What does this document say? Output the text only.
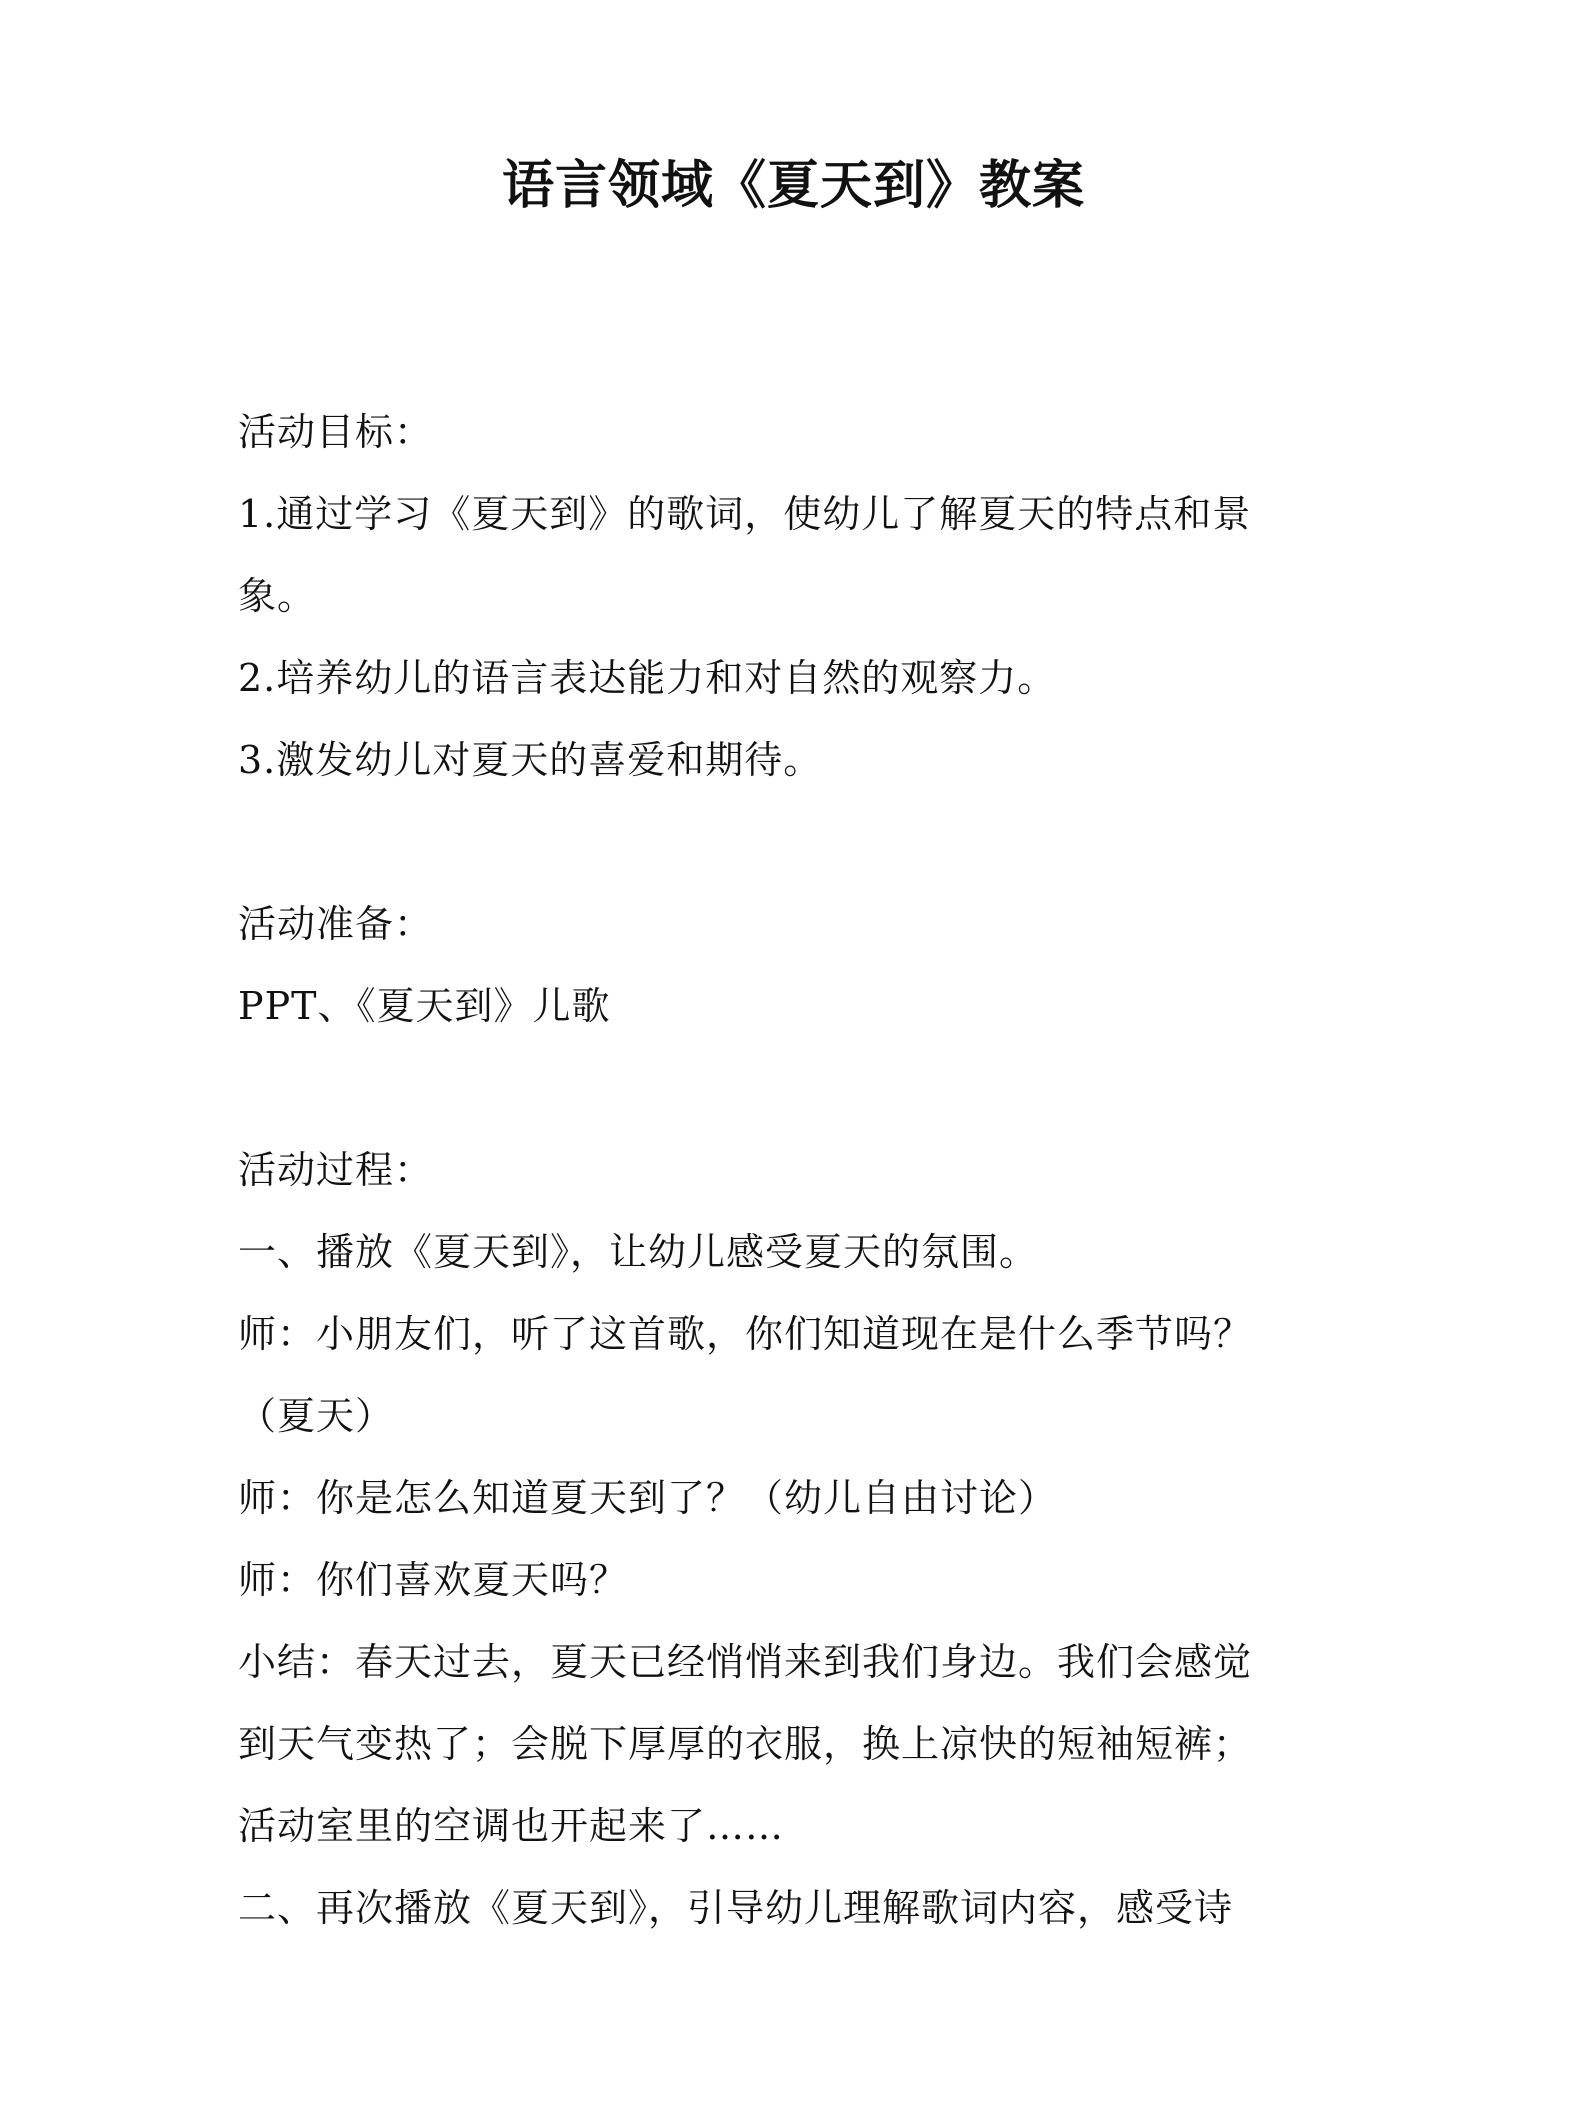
语言领域《夏天到》教案
活动目标：
1.通过学习《夏天到》的歌词，使幼儿了解夏天的特点和景
象。
2.培养幼儿的语言表达能力和对自然的观察力。
3.激发幼儿对夏天的喜爱和期待。
活动准备：
PPT、《夏天到》儿歌
活动过程：
一、播放《夏天到》，让幼儿感受夏天的氛围。
师：小朋友们，听了这首歌，你们知道现在是什么季节吗？
（夏天）
师：你是怎么知道夏天到了？（幼儿自由讨论）
师：你们喜欢夏天吗？
小结：春天过去，夏天已经悄悄来到我们身边。我们会感觉
到天气变热了；会脱下厚厚的衣服，换上凉快的短袖短裤；
活动室里的空调也开起来了……
二、再次播放《夏天到》，引导幼儿理解歌词内容，感受诗
